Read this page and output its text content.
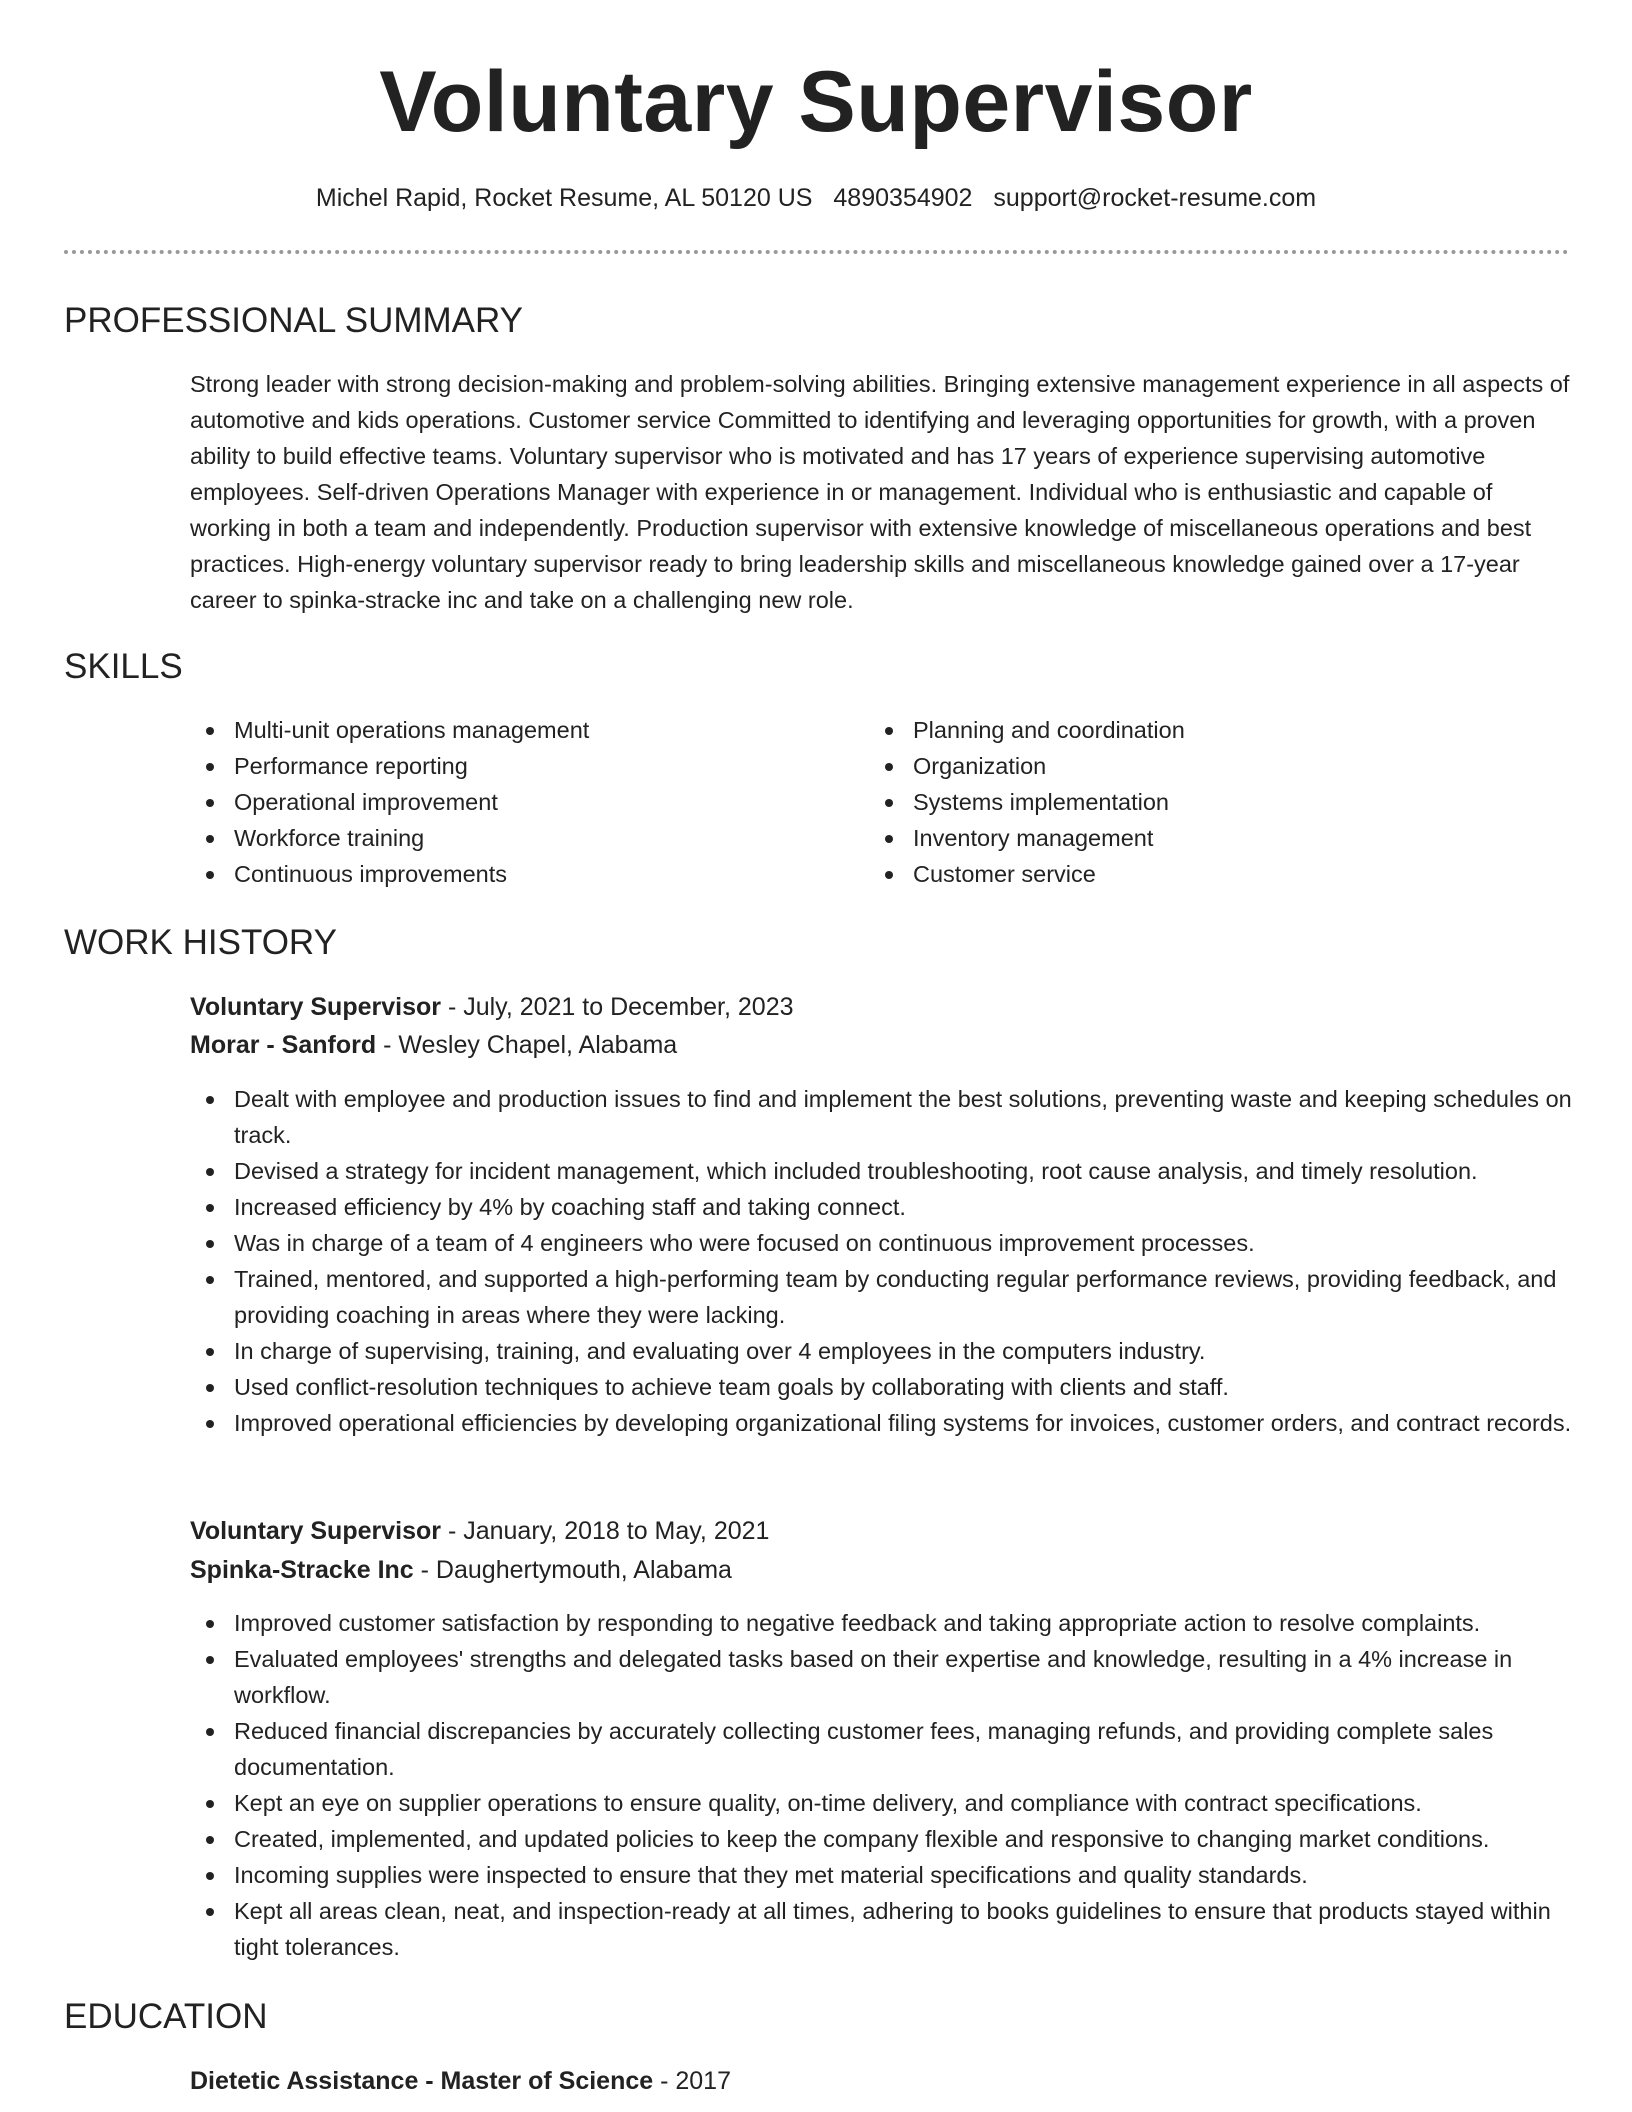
Voluntary Supervisor
Michel Rapid, Rocket Resume, AL 50120 US 4890354902 support@rocket-resume.com
PROFESSIONAL SUMMARY

Strong leader with strong decision-making and problem-solving abilities. Bringing extensive management experience in all aspects of automotive and kids operations. Customer service Committed to identifying and leveraging opportunities for growth, with a proven ability to build effective teams. Voluntary supervisor who is motivated and has 17 years of experience supervising automotive employees. Self-driven Operations Manager with experience in or management. Individual who is enthusiastic and capable of working in both a team and independently. Production supervisor with extensive knowledge of miscellaneous operations and best practices. High-energy voluntary supervisor ready to bring leadership skills and miscellaneous knowledge gained over a 17-year career to spinka-stracke inc and take on a challenging new role.

SKILLS
Multi-unit operations management
Performance reporting
Operational improvement
Workforce training
Continuous improvements
Planning and coordination
Organization
Systems implementation
Inventory management
Customer service
WORK HISTORY

Voluntary Supervisor - July, 2021 to December, 2023

Morar - Sanford - Wesley Chapel, Alabama

Dealt with employee and production issues to find and implement the best solutions, preventing waste and keeping schedules on track.
Devised a strategy for incident management, which included troubleshooting, root cause analysis, and timely resolution.
Increased efficiency by 4% by coaching staff and taking connect.
Was in charge of a team of 4 engineers who were focused on continuous improvement processes.
Trained, mentored, and supported a high-performing team by conducting regular performance reviews, providing feedback, and providing coaching in areas where they were lacking.
In charge of supervising, training, and evaluating over 4 employees in the computers industry.
Used conflict-resolution techniques to achieve team goals by collaborating with clients and staff.
Improved operational efficiencies by developing organizational filing systems for invoices, customer orders, and contract records.

Voluntary Supervisor - January, 2018 to May, 2021

Spinka-Stracke Inc - Daughertymouth, Alabama

Improved customer satisfaction by responding to negative feedback and taking appropriate action to resolve complaints.
Evaluated employees' strengths and delegated tasks based on their expertise and knowledge, resulting in a 4% increase in workflow.
Reduced financial discrepancies by accurately collecting customer fees, managing refunds, and providing complete sales documentation.
Kept an eye on supplier operations to ensure quality, on-time delivery, and compliance with contract specifications.
Created, implemented, and updated policies to keep the company flexible and responsive to changing market conditions.
Incoming supplies were inspected to ensure that they met material specifications and quality standards.
Kept all areas clean, neat, and inspection-ready at all times, adhering to books guidelines to ensure that products stayed within tight tolerances.
EDUCATION

Dietetic Assistance - Master of Science - 2017
